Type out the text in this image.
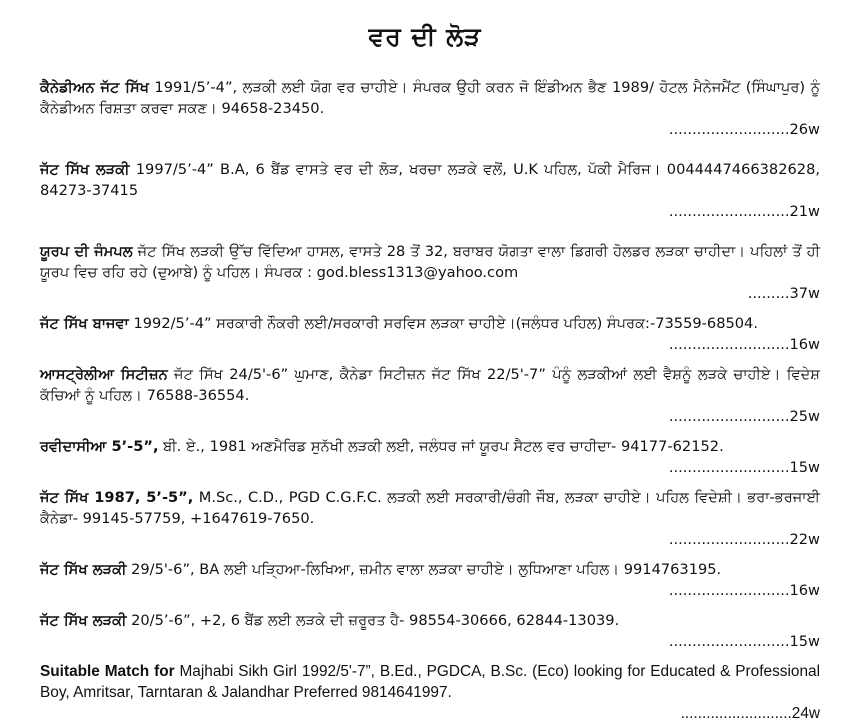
ਵਰ ਦੀ ਲੋੜ

ਕੈਨੇਡੀਅਨ ਜੱਟ ਸਿੱਖ 1991/5’-4”, ਲੜਕੀ ਲਈ ਯੋਗ ਵਰ ਚਾਹੀਏ। ਸੰਪਰਕ ਉਹੀ ਕਰਨ ਜੋ ਇੰਡੀਅਨ ਭੈਣ 1989/ ਹੋਟਲ ਮੈਨੇਜਮੈਂਟ (ਸਿੰਘਾਪੁਰ) ਨੂੰ ਕੈਨੇਡੀਅਨ ਰਿਸ਼ਤਾ ਕਰਵਾ ਸਕਣ। 94658-23450.
..........................26w

ਜੱਟ ਸਿੱਖ ਲੜਕੀ 1997/5’-4” B.A, 6 ਬੈਂਡ ਵਾਸਤੇ ਵਰ ਦੀ ਲੋੜ, ਖਰਚਾ ਲੜਕੇ ਵਲੋਂ, U.K ਪਹਿਲ, ਪੱਕੀ ਮੈਰਿਜ। 0044447466382628, 84273-37415
..........................21w

ਯੂਰਪ ਦੀ ਜੰਮਪਲ ਜੱਟ ਸਿੱਖ ਲੜਕੀ ਉੱਚ ਵਿੱਦਿਆ ਹਾਸਲ, ਵਾਸਤੇ 28 ਤੋਂ 32, ਬਰਾਬਰ ਯੋਗਤਾ ਵਾਲਾ ਡਿਗਰੀ ਹੋਲਡਰ ਲੜਕਾ ਚਾਹੀਦਾ। ਪਹਿਲਾਂ ਤੋਂ ਹੀ ਯੂਰਪ ਵਿਚ ਰਹਿ ਰਹੇ (ਦੁਆਬੇ) ਨੂੰ ਪਹਿਲ। ਸੰਪਰਕ : god.bless1313@yahoo.com
.........37w

ਜੱਟ ਸਿੱਖ ਬਾਜਵਾ 1992/5’-4” ਸਰਕਾਰੀ ਨੌਕਰੀ ਲਈ/ਸਰਕਾਰੀ ਸਰਵਿਸ ਲੜਕਾ ਚਾਹੀਏ।(ਜਲੰਧਰ ਪਹਿਲ) ਸੰਪਰਕ:-73559-68504.
..........................16w

ਆਸਟ੍ਰੇਲੀਆ ਸਿਟੀਜ਼ਨ ਜੱਟ ਸਿੱਖ 24/5'-6” ਘੁਮਾਣ, ਕੈਨੇਡਾ ਸਿਟੀਜ਼ਨ ਜੱਟ ਸਿੱਖ 22/5'-7” ਪੰਨੂੰ ਲੜਕੀਆਂ ਲਈ ਵੈਸ਼ਨੂੰ ਲੜਕੇ ਚਾਹੀਏ। ਵਿਦੇਸ਼ ਕੱਚਿਆਂ ਨੂੰ ਪਹਿਲ। 76588-36554.
..........................25w

ਰਵੀਦਾਸੀਆ 5’-5”, ਬੀ. ਏ., 1981 ਅਣਮੈਰਿਡ ਸੁਨੱਖੀ ਲੜਕੀ ਲਈ, ਜਲੰਧਰ ਜਾਂ ਯੂਰਪ ਸੈਟਲ ਵਰ ਚਾਹੀਦਾ- 94177-62152.
..........................15w

ਜੱਟ ਸਿੱਖ 1987, 5’-5”, M.Sc., C.D., PGD C.G.F.C. ਲੜਕੀ ਲਈ ਸਰਕਾਰੀ/ਚੰਗੀ ਜੌਬ, ਲੜਕਾ ਚਾਹੀਏ। ਪਹਿਲ ਵਿਦੇਸ਼ੀ। ਭਰਾ-ਭਰਜਾਈ ਕੈਨੇਡਾ- 99145-57759, +1647619-7650.
..........................22w

ਜੱਟ ਸਿੱਖ ਲੜਕੀ 29/5'-6”, BA ਲਈ ਪੜ੍ਹਿਆ-ਲਿਖਿਆ, ਜ਼ਮੀਨ ਵਾਲਾ ਲੜਕਾ ਚਾਹੀਏ। ਲੁਧਿਆਣਾ ਪਹਿਲ। 9914763195.
..........................16w

ਜੱਟ ਸਿੱਖ ਲੜਕੀ 20/5’-6”, +2, 6 ਬੈਂਡ ਲਈ ਲੜਕੇ ਦੀ ਜ਼ਰੂਰਤ ਹੈ- 98554-30666, 62844-13039.
..........................15w

Suitable Match for Majhabi Sikh Girl 1992/5'-7”, B.Ed., PGDCA, B.Sc. (Eco) looking for Educated & Professional Boy, Amritsar, Tarntaran & Jalandhar Preferred 9814641997.
..........................24w
